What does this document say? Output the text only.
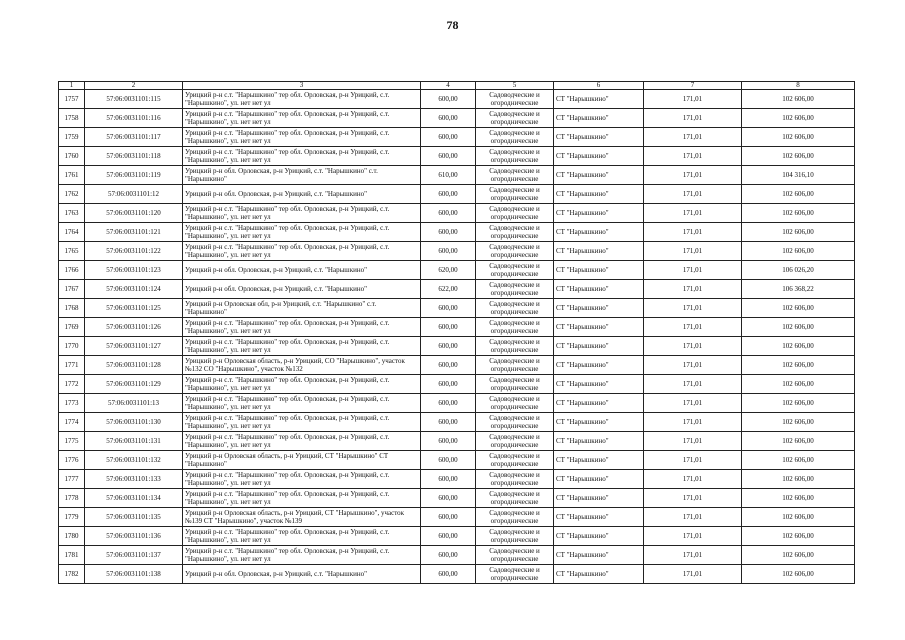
78
1	2	3	4	5	6	7	8
1757	57:06:0031101:115	Урицкий р-н с.т. "Нарышкино" тер обл. Орловская, р-н Урицкий, с.т. "Нарышкино", ул. нет нет ул	600,00	Садоводческие и огороднические	СТ "Нарышкино"	171,01	102 606,00
1758	57:06:0031101:116	Урицкий р-н с.т. "Нарышкино" тер обл. Орловская, р-н Урицкий, с.т. "Нарышкино", ул. нет нет ул	600,00	Садоводческие и огороднические	СТ "Нарышкино"	171,01	102 606,00
1759	57:06:0031101:117	Урицкий р-н с.т. "Нарышкино" тер обл. Орловская, р-н Урицкий, с.т. "Нарышкино", ул. нет нет ул	600,00	Садоводческие и огороднические	СТ "Нарышкино"	171,01	102 606,00
1760	57:06:0031101:118	Урицкий р-н с.т. "Нарышкино" тер обл. Орловская, р-н Урицкий, с.т. "Нарышкино", ул. нет нет ул	600,00	Садоводческие и огороднические	СТ "Нарышкино"	171,01	102 606,00
1761	57:06:0031101:119	Урицкий р-н обл. Орловская, р-н Урицкий, с.т. "Нарышкино" с.т. "Нарышкино"	610,00	Садоводческие и огороднические	СТ "Нарышкино"	171,01	104 316,10
1762	57:06:0031101:12	Урицкий р-н обл. Орловская, р-н Урицкий, с.т. "Нарышкино"	600,00	Садоводческие и огороднические	СТ "Нарышкино"	171,01	102 606,00
1763	57:06:0031101:120	Урицкий р-н с.т. "Нарышкино" тер обл. Орловская, р-н Урицкий, с.т. "Нарышкино", ул. нет нет ул	600,00	Садоводческие и огороднические	СТ "Нарышкино"	171,01	102 606,00
1764	57:06:0031101:121	Урицкий р-н с.т. "Нарышкино" тер обл. Орловская, р-н Урицкий, с.т. "Нарышкино", ул. нет нет ул	600,00	Садоводческие и огороднические	СТ "Нарышкино"	171,01	102 606,00
1765	57:06:0031101:122	Урицкий р-н с.т. "Нарышкино" тер обл. Орловская, р-н Урицкий, с.т. "Нарышкино", ул. нет нет ул	600,00	Садоводческие и огороднические	СТ "Нарышкино"	171,01	102 606,00
1766	57:06:0031101:123	Урицкий р-н обл. Орловская, р-н Урицкий, с.т. "Нарышкино"	620,00	Садоводческие и огороднические	СТ "Нарышкино"	171,01	106 026,20
1767	57:06:0031101:124	Урицкий р-н обл. Орловская, р-н Урицкий, с.т. "Нарышкино"	622,00	Садоводческие и огороднические	СТ "Нарышкино"	171,01	106 368,22
1768	57:06:0031101:125	Урицкий р-н Орловская обл, р-н Урицкий, с.т. "Нарышкино" с.т. "Нарышкино"	600,00	Садоводческие и огороднические	СТ "Нарышкино"	171,01	102 606,00
1769	57:06:0031101:126	Урицкий р-н с.т. "Нарышкино" тер обл. Орловская, р-н Урицкий, с.т. "Нарышкино", ул. нет нет ул	600,00	Садоводческие и огороднические	СТ "Нарышкино"	171,01	102 606,00
1770	57:06:0031101:127	Урицкий р-н с.т. "Нарышкино" тер обл. Орловская, р-н Урицкий, с.т. "Нарышкино", ул. нет нет ул	600,00	Садоводческие и огороднические	СТ "Нарышкино"	171,01	102 606,00
1771	57:06:0031101:128	Урицкий р-н Орловская область, р-н Урицкий, СО "Нарышкино", участок №132 СО "Нарышкино", участок №132	600,00	Садоводческие и огороднические	СТ "Нарышкино"	171,01	102 606,00
1772	57:06:0031101:129	Урицкий р-н с.т. "Нарышкино" тер обл. Орловская, р-н Урицкий, с.т. "Нарышкино", ул. нет нет ул	600,00	Садоводческие и огороднические	СТ "Нарышкино"	171,01	102 606,00
1773	57:06:0031101:13	Урицкий р-н с.т. "Нарышкино" тер обл. Орловская, р-н Урицкий, с.т. "Нарышкино", ул. нет нет ул	600,00	Садоводческие и огороднические	СТ "Нарышкино"	171,01	102 606,00
1774	57:06:0031101:130	Урицкий р-н с.т. "Нарышкино" тер обл. Орловская, р-н Урицкий, с.т. "Нарышкино", ул. нет нет ул	600,00	Садоводческие и огороднические	СТ "Нарышкино"	171,01	102 606,00
1775	57:06:0031101:131	Урицкий р-н с.т. "Нарышкино" тер обл. Орловская, р-н Урицкий, с.т. "Нарышкино", ул. нет нет ул	600,00	Садоводческие и огороднические	СТ "Нарышкино"	171,01	102 606,00
1776	57:06:0031101:132	Урицкий р-н Орловская область, р-н Урицкий, СТ "Нарышкино" СТ "Нарышкино"	600,00	Садоводческие и огороднические	СТ "Нарышкино"	171,01	102 606,00
1777	57:06:0031101:133	Урицкий р-н с.т. "Нарышкино" тер обл. Орловская, р-н Урицкий, с.т. "Нарышкино", ул. нет нет ул	600,00	Садоводческие и огороднические	СТ "Нарышкино"	171,01	102 606,00
1778	57:06:0031101:134	Урицкий р-н с.т. "Нарышкино" тер обл. Орловская, р-н Урицкий, с.т. "Нарышкино", ул. нет нет ул	600,00	Садоводческие и огороднические	СТ "Нарышкино"	171,01	102 606,00
1779	57:06:0031101:135	Урицкий р-н Орловская область, р-н Урицкий, СТ "Нарышкино", участок №139 СТ "Нарышкино", участок №139	600,00	Садоводческие и огороднические	СТ "Нарышкино"	171,01	102 606,00
1780	57:06:0031101:136	Урицкий р-н с.т. "Нарышкино" тер обл. Орловская, р-н Урицкий, с.т. "Нарышкино", ул. нет нет ул	600,00	Садоводческие и огороднические	СТ "Нарышкино"	171,01	102 606,00
1781	57:06:0031101:137	Урицкий р-н с.т. "Нарышкино" тер обл. Орловская, р-н Урицкий, с.т. "Нарышкино", ул. нет нет ул	600,00	Садоводческие и огороднические	СТ "Нарышкино"	171,01	102 606,00
1782	57:06:0031101:138	Урицкий р-н обл. Орловская, р-н Урицкий, с.т. "Нарышкино"	600,00	Садоводческие и огороднические	СТ "Нарышкино"	171,01	102 606,00
